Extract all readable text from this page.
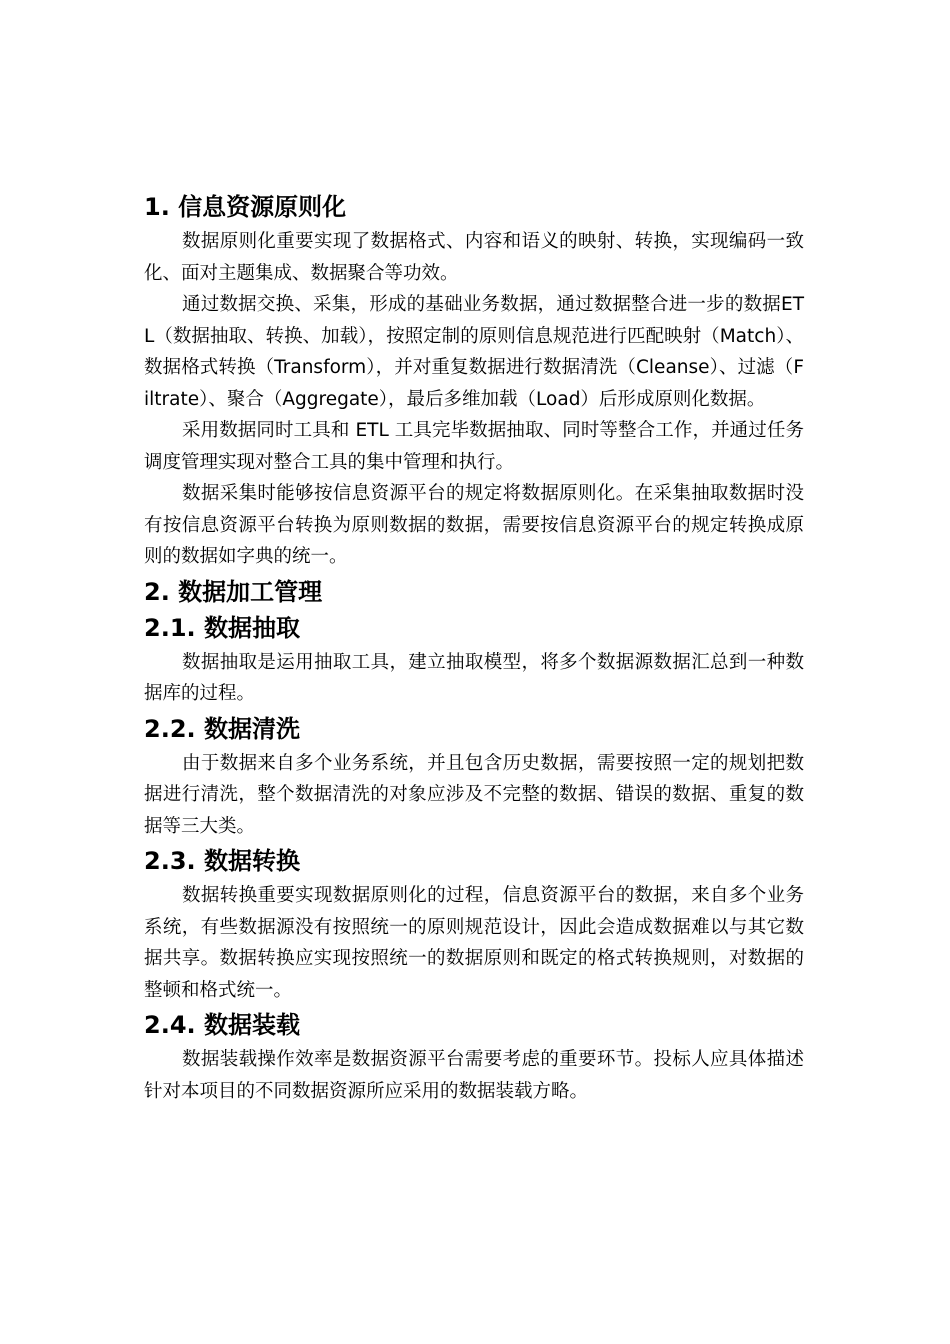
1. 信息资源原则化

数据原则化重要实现了数据格式、内容和语义的映射、转换，实现编码一致化、面对主题集成、数据聚合等功效。

通过数据交换、采集，形成的基础业务数据，通过数据整合进一步的数据ETL（数据抽取、转换、加载），按照定制的原则信息规范进行匹配映射（Match）、数据格式转换（Transform），并对重复数据进行数据清洗（Cleanse）、过滤（Filtrate）、聚合（Aggregate），最后多维加载（Load）后形成原则化数据。

采用数据同时工具和 ETL 工具完毕数据抽取、同时等整合工作，并通过任务调度管理实现对整合工具的集中管理和执行。

数据采集时能够按信息资源平台的规定将数据原则化。在采集抽取数据时没有按信息资源平台转换为原则数据的数据，需要按信息资源平台的规定转换成原则的数据如字典的统一。

2. 数据加工管理
2.1. 数据抽取

数据抽取是运用抽取工具，建立抽取模型，将多个数据源数据汇总到一种数据库的过程。

2.2. 数据清洗

由于数据来自多个业务系统，并且包含历史数据，需要按照一定的规划把数据进行清洗，整个数据清洗的对象应涉及不完整的数据、错误的数据、重复的数据等三大类。

2.3. 数据转换

数据转换重要实现数据原则化的过程，信息资源平台的数据，来自多个业务系统，有些数据源没有按照统一的原则规范设计，因此会造成数据难以与其它数据共享。数据转换应实现按照统一的数据原则和既定的格式转换规则，对数据的整顿和格式统一。

2.4. 数据装载

数据装载操作效率是数据资源平台需要考虑的重要环节。投标人应具体描述针对本项目的不同数据资源所应采用的数据装载方略。
